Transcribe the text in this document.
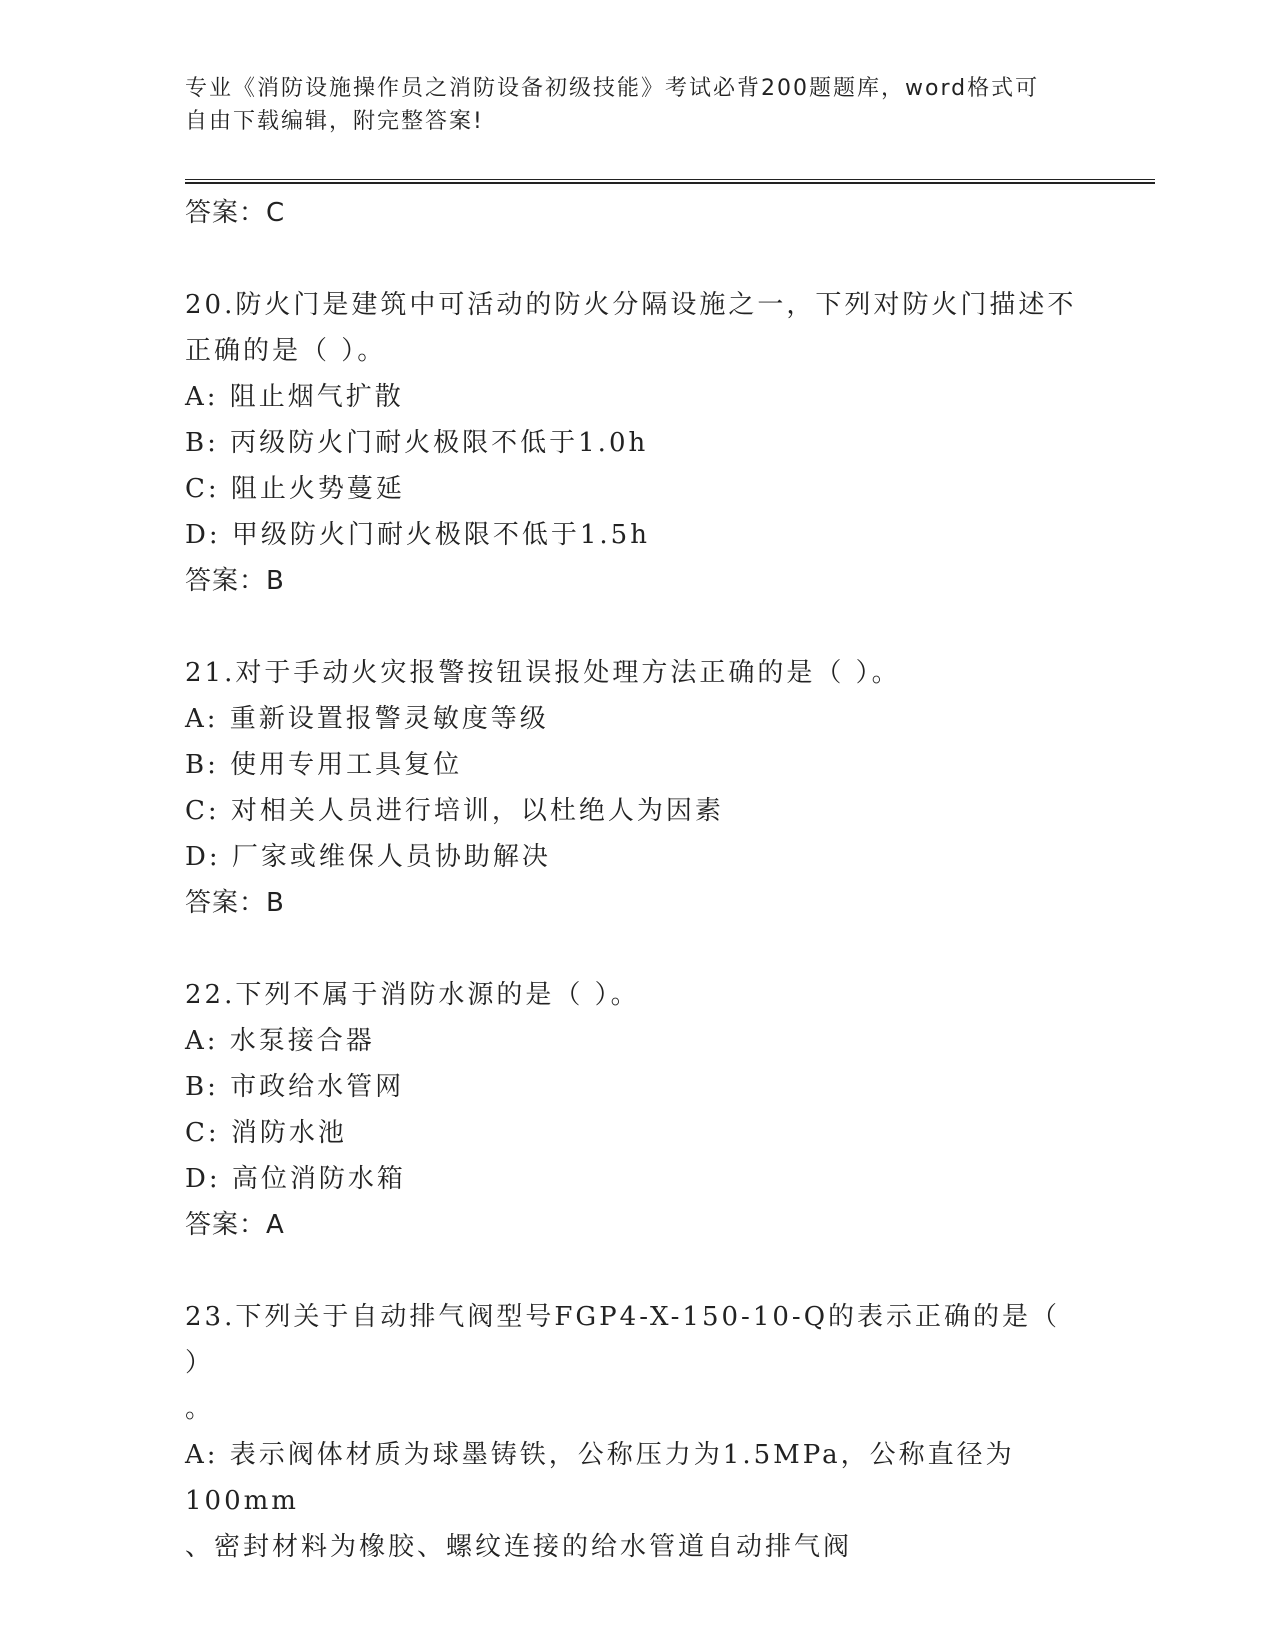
专业《消防设施操作员之消防设备初级技能》考试必背200题题库，word格式可
自由下载编辑，附完整答案!
答案：C
20.防火门是建筑中可活动的防火分隔设施之一，下列对防火门描述不
正确的是（ ）。
A: 阻止烟气扩散
B: 丙级防火门耐火极限不低于1.0h
C: 阻止火势蔓延
D: 甲级防火门耐火极限不低于1.5h
答案：B
21.对于手动火灾报警按钮误报处理方法正确的是（ ）。
A: 重新设置报警灵敏度等级
B: 使用专用工具复位
C: 对相关人员进行培训，以杜绝人为因素
D: 厂家或维保人员协助解决
答案：B
22.下列不属于消防水源的是（ ）。
A: 水泵接合器
B: 市政给水管网
C: 消防水池
D: 高位消防水箱
答案：A
23.下列关于自动排气阀型号FGP4-X-150-10-Q的表示正确的是（ ）
。
A: 表示阀体材质为球墨铸铁，公称压力为1.5MPa，公称直径为100mm
、密封材料为橡胶、螺纹连接的给水管道自动排气阀
